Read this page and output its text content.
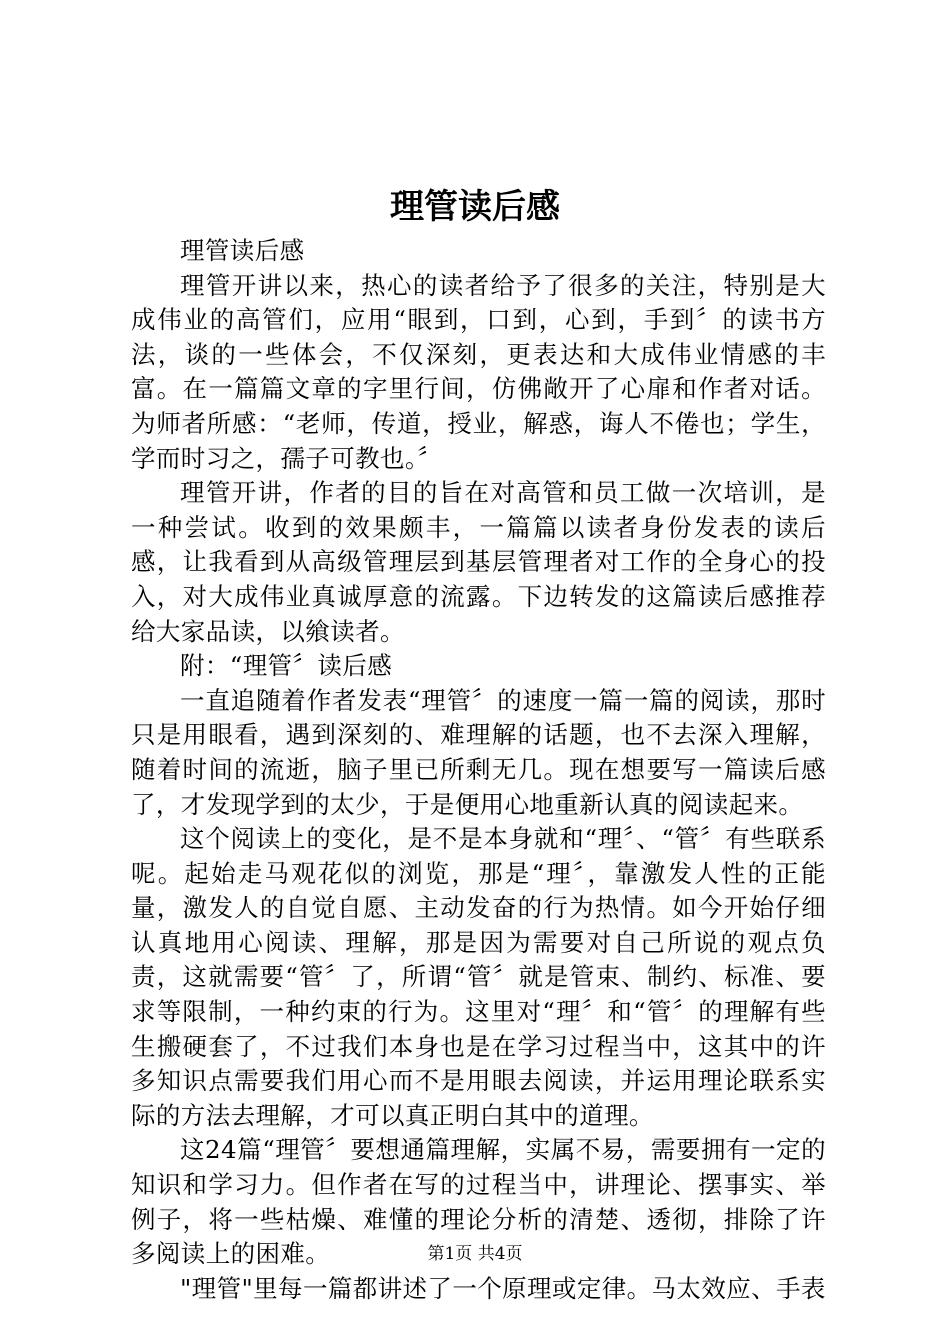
理管读后感

理管读后感

理管开讲以来，热心的读者给予了很多的关注，特别是大成伟业的高管们，应用“眼到，口到，心到，手到〞的读书方法，谈的一些体会，不仅深刻，更表达和大成伟业情感的丰富。在一篇篇文章的字里行间，仿佛敞开了心扉和作者对话。为师者所感：“老师，传道，授业，解惑，诲人不倦也；学生，学而时习之，孺子可教也。〞

理管开讲，作者的目的旨在对高管和员工做一次培训，是一种尝试。收到的效果颇丰，一篇篇以读者身份发表的读后感，让我看到从高级管理层到基层管理者对工作的全身心的投入，对大成伟业真诚厚意的流露。下边转发的这篇读后感推荐给大家品读，以飨读者。

附：“理管〞读后感

一直追随着作者发表“理管〞的速度一篇一篇的阅读，那时只是用眼看，遇到深刻的、难理解的话题，也不去深入理解，随着时间的流逝，脑子里已所剩无几。现在想要写一篇读后感了，才发现学到的太少，于是便用心地重新认真的阅读起来。

这个阅读上的变化，是不是本身就和“理〞、“管〞有些联系呢。起始走马观花似的浏览，那是“理〞，靠激发人性的正能量，激发人的自觉自愿、主动发奋的行为热情。如今开始仔细认真地用心阅读、理解，那是因为需要对自己所说的观点负责，这就需要“管〞了，所谓“管〞就是管束、制约、标准、要求等限制，一种约束的行为。这里对“理〞和“管〞的理解有些生搬硬套了，不过我们本身也是在学习过程当中，这其中的许多知识点需要我们用心而不是用眼去阅读，并运用理论联系实际的方法去理解，才可以真正明白其中的道理。

这24篇“理管〞要想通篇理解，实属不易，需要拥有一定的知识和学习力。但作者在写的过程当中，讲理论、摆事实、举例子，将一些枯燥、难懂的理论分析的清楚、透彻，排除了许多阅读上的困难。

"理管"里每一篇都讲述了一个原理或定律。马太效应、手表

第1页 共4页
